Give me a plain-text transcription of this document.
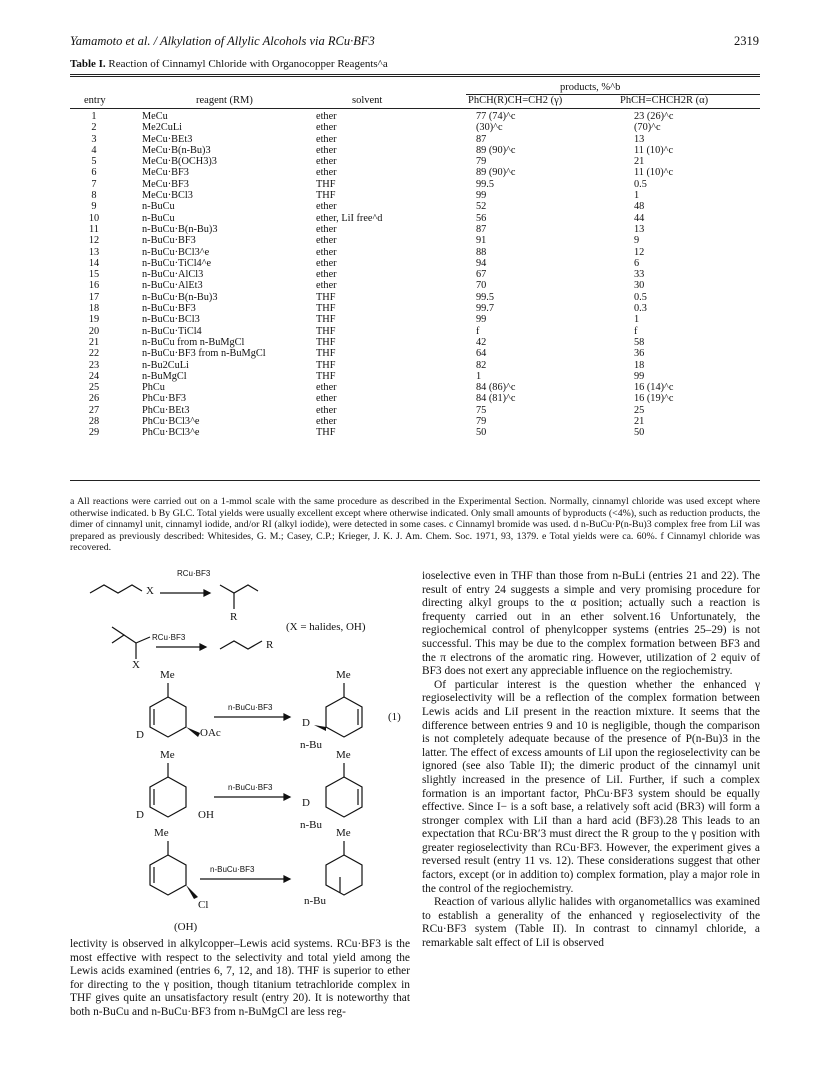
Yamamoto et al. / Alkylation of Allylic Alcohols via RCu·BF3	2319
Table I. Reaction of Cinnamyl Chloride with Organocopper Reagents^a
products, %^b
entry	reagent (RM)	solvent	PhCH(R)CH=CH2 (γ)	PhCH=CHCH2R (α)
1	MeCu	ether	77 (74)^c	23 (26)^c
2	Me2CuLi	ether	(30)^c	(70)^c
3	MeCu·BEt3	ether	87	13
4	MeCu·B(n-Bu)3	ether	89 (90)^c	11 (10)^c
5	MeCu·B(OCH3)3	ether	79	21
6	MeCu·BF3	ether	89 (90)^c	11 (10)^c
7	MeCu·BF3	THF	99.5	0.5
8	MeCu·BCl3	THF	99	1
9	n-BuCu	ether	52	48
10	n-BuCu	ether, LiI free^d	56	44
11	n-BuCu·B(n-Bu)3	ether	87	13
12	n-BuCu·BF3	ether	91	9
13	n-BuCu·BCl3^e	ether	88	12
14	n-BuCu·TiCl4^e	ether	94	6
15	n-BuCu·AlCl3	ether	67	33
16	n-BuCu·AlEt3	ether	70	30
17	n-BuCu·B(n-Bu)3	THF	99.5	0.5
18	n-BuCu·BF3	THF	99.7	0.3
19	n-BuCu·BCl3	THF	99	1
20	n-BuCu·TiCl4	THF	f	f
21	n-BuCu from n-BuMgCl	THF	42	58
22	n-BuCu·BF3 from n-BuMgCl	THF	64	36
23	n-Bu2CuLi	THF	82	18
24	n-BuMgCl	THF	1	99
25	PhCu	ether	84 (86)^c	16 (14)^c
26	PhCu·BF3	ether	84 (81)^c	16 (19)^c
27	PhCu·BEt3	ether	75	25
28	PhCu·BCl3^e	ether	79	21
29	PhCu·BCl3^e	THF	50	50
a All reactions were carried out on a 1-mmol scale with the same procedure as described in the Experimental Section. Normally, cinnamyl chloride was used except where otherwise indicated. b By GLC. Total yields were usually excellent except where otherwise indicated. Only small amounts of byproducts (<4%), such as reduction products, the dimer of cinnamyl unit, cinnamyl iodide, and/or RI (alkyl iodide), were detected in some cases. c Cinnamyl bromide was used. d n-BuCu·P(n-Bu)3 complex free from LiI was prepared as previously described: Whitesides, G. M.; Casey, C.P.; Krieger, J. K. J. Am. Chem. Soc. 1971, 93, 1379. e Total yields were ca. 60%. f Cinnamyl chloride was recovered.
RCu·BF3
X
R
RCu·BF3
R
(X = halides, OH)
X
Me
n-BuCu·BF3
D	OAc
Me
D
n-Bu
(1)
Me
n-BuCu·BF3
D	OH
Me
D
n-Bu
Me
n-BuCu·BF3
Cl
Me
n-Bu
(OH)

lectivity is observed in alkylcopper–Lewis acid systems. RCu·BF3 is the most effective with respect to the selectivity and total yield among the Lewis acids examined (entries 6, 7, 12, and 18). THF is superior to ether for directing to the γ position, though titanium tetrachloride complex in THF gives quite an unsatisfactory result (entry 20). It is noteworthy that both n-BuCu and n-BuCu·BF3 from n-BuMgCl are less reg-

ioselective even in THF than those from n-BuLi (entries 21 and 22). The result of entry 24 suggests a simple and very promising procedure for directing alkyl groups to the α position; actually such a reaction is frequenty carried out in an ether solvent.16 Unfortunately, the regiochemical control of phenylcopper systems (entries 25–29) is not successful. This may be due to the complex formation between BF3 and the π electrons of the aromatic ring. However, utilization of 2 equiv of BF3 does not exert any appreciable influence on the regiochemistry.

Of particular interest is the question whether the enhanced γ regioselectivity will be a reflection of the complex formation between Lewis acids and LiI present in the reaction mixture. It seems that the difference between entries 9 and 10 is negligible, though the comparison is not completely adequate because of the presence of P(n-Bu)3 in the latter. The effect of excess amounts of LiI upon the regioselectivity can be ignored (see also Table II); the dimeric product of the cinnamyl unit slightly increased in the presence of LiI. Further, if such a complex formation is an important factor, PhCu·BF3 system should be equally effective. Since I− is a soft base, a relatively soft acid (BR3) will form a stronger complex with LiI than a hard acid (BF3).28 This leads to an expectation that RCu·BR′3 must direct the R group to the γ position with greater regioselectivity than RCu·BF3. However, the experiment gives a reversed result (entry 11 vs. 12). These considerations suggest that other factors, except (or in addition to) complex formation, play a major role in the control of the regiochemistry.

Reaction of various allylic halides with organometallics was examined to establish a generality of the enhanced γ regioselectivity of the RCu·BF3 system (Table II). In contrast to cinnamyl chloride, a remarkable salt effect of LiI is observed
